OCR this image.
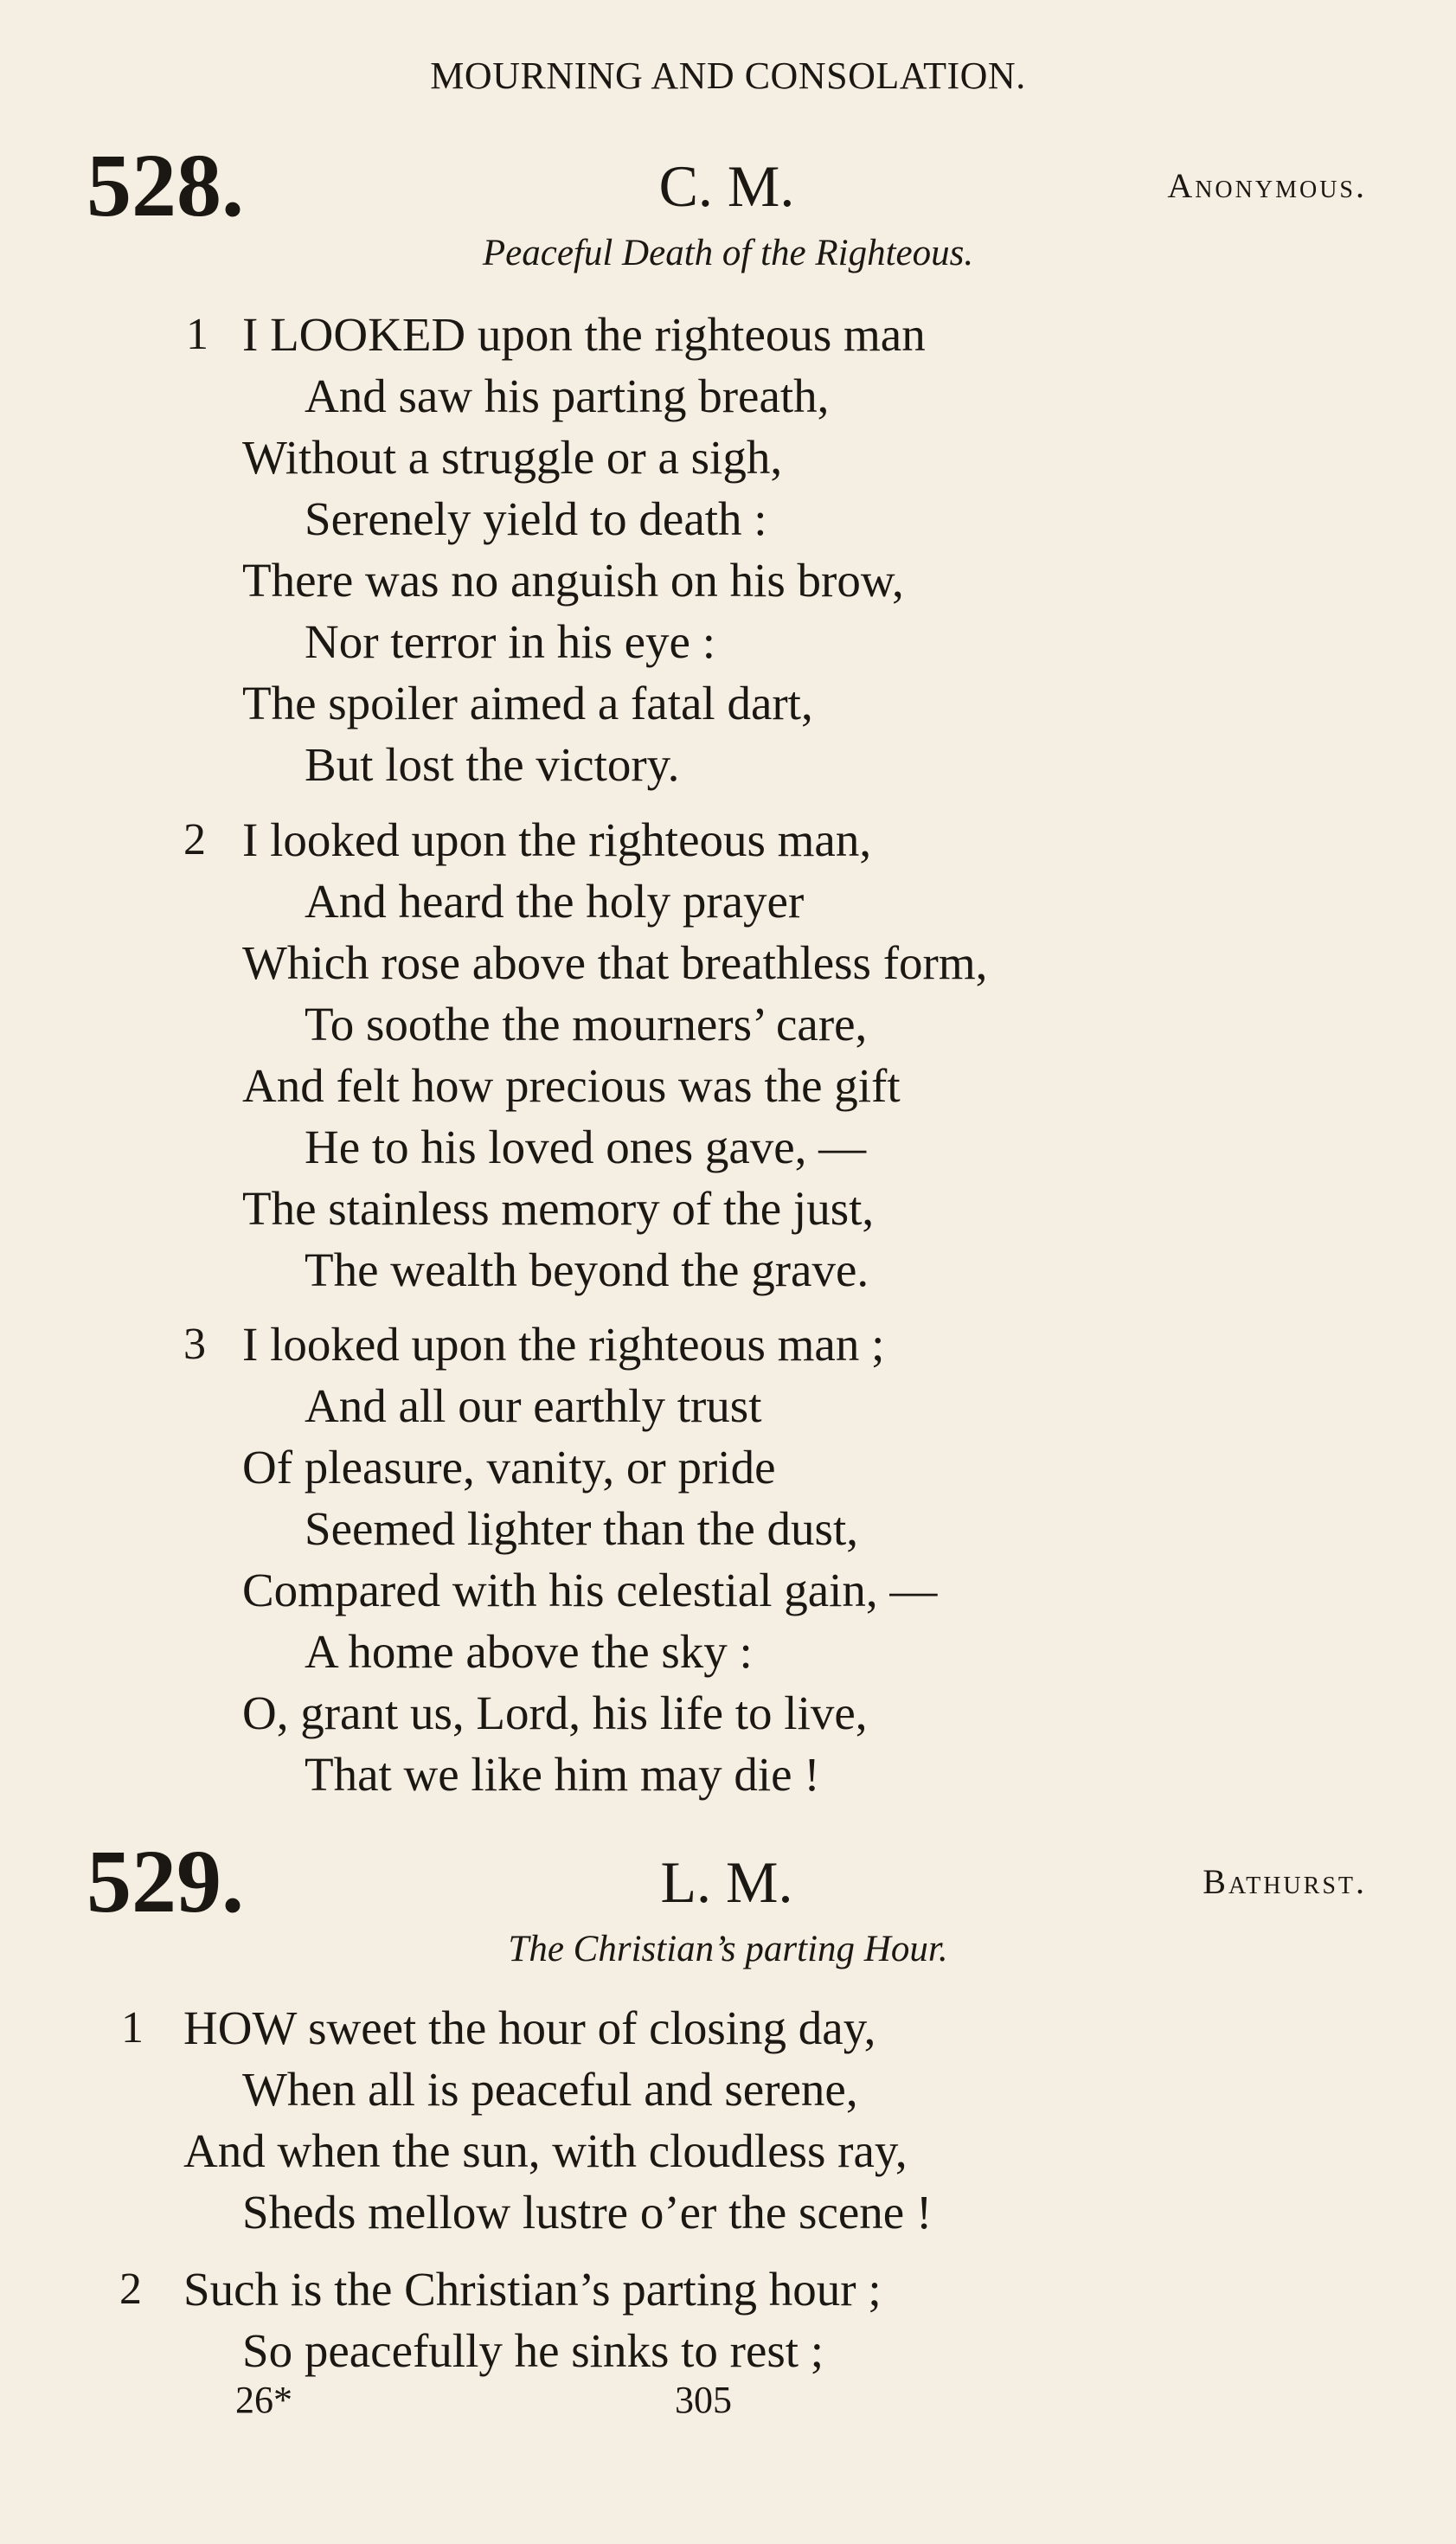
MOURNING AND CONSOLATION.
528.	C. M.	Anonymous.
Peaceful Death of the Righteous.
1 I LOOKED upon the righteous man
And saw his parting breath,
Without a struggle or a sigh,
Serenely yield to death :
There was no anguish on his brow,
Nor terror in his eye :
The spoiler aimed a fatal dart,
But lost the victory.
2 I looked upon the righteous man,
And heard the holy prayer
Which rose above that breathless form,
To soothe the mourners’ care,
And felt how precious was the gift
He to his loved ones gave, —
The stainless memory of the just,
The wealth beyond the grave.
3 I looked upon the righteous man ;
And all our earthly trust
Of pleasure, vanity, or pride
Seemed lighter than the dust,
Compared with his celestial gain, —
A home above the sky :
O, grant us, Lord, his life to live,
That we like him may die !
529.	L. M.	Bathurst.
The Christian’s parting Hour.
1 HOW sweet the hour of closing day,
When all is peaceful and serene,
And when the sun, with cloudless ray,
Sheds mellow lustre o’er the scene !
2 Such is the Christian’s parting hour ;
So peacefully he sinks to rest ;
26*	305
